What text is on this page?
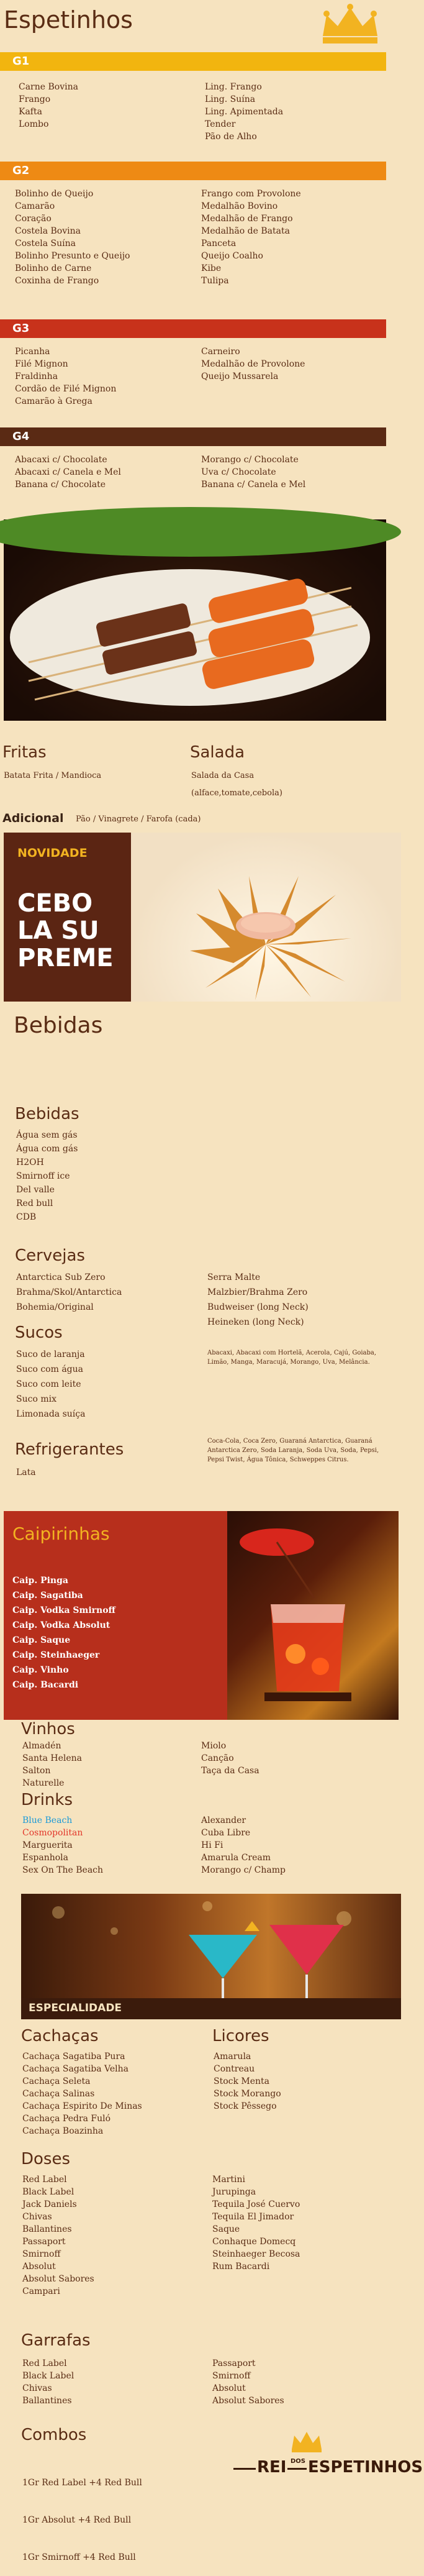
Espetinhos
G1
Carne Bovina
Frango
Kafta
Lombo
Ling. Frango
Ling. Suína
Ling. Apimentada
Tender
Pão de Alho
G2
Bolinho de Queijo
Camarão
Coração
Costela Bovina
Costela Suína
Bolinho Presunto e Queijo
Bolinho de Carne
Coxinha de Frango
Frango com Provolone
Medalhão Bovino
Medalhão de Frango
Medalhão de Batata
Panceta
Queijo Coalho
Kibe
Tulipa
G3
Picanha
Filé Mignon
Fraldinha
Cordão de Filé Mignon
Camarão à Grega
Carneiro
Medalhão de Provolone
Queijo Mussarela
G4
Abacaxi c/ Chocolate
Abacaxi c/ Canela e Mel
Banana c/ Chocolate
Morango c/ Chocolate
Uva c/ Chocolate
Banana c/ Canela e Mel
Fritas
Batata Frita / Mandioca
Salada
Salada da Casa
(alface,tomate,cebola)
Adicional Pão / Vinagrete / Farofa (cada)
NOVIDADE
CEBO
LA SU
PREME
Bebidas
Bebidas
Água sem gás
Água com gás
H2OH
Smirnoff ice
Del valle
Red bull
CDB
Cervejas
Antarctica Sub Zero
Brahma/Skol/Antarctica
Bohemia/Original
Serra Malte
Malzbier/Brahma Zero
Budweiser (long Neck)
Heineken (long Neck)
Sucos
Suco de laranja
Suco com água
Suco com leite
Suco mix
Limonada suíça
Abacaxi, Abacaxi com Hortelã, Acerola, Cajú, Goiaba, Limão, Manga, Maracujá, Morango, Uva, Melância.
Refrigerantes
Lata
Coca-Cola, Coca Zero, Guaraná Antarctica, Guaraná Antarctica Zero, Soda Laranja, Soda Uva, Soda, Pepsi, Pepsi Twist, Água Tônica, Schweppes Citrus.
Caipirinhas
Caip. Pinga
Caip. Sagatiba
Caip. Vodka Smirnoff
Caip. Vodka Absolut
Caip. Saque
Caip. Steinhaeger
Caip. Vinho
Caip. Bacardi
Vinhos
Almadén
Santa Helena
Salton
Naturelle
Miolo
Canção
Taça da Casa
Drinks
Blue Beach
Cosmopolitan
Marguerita
Espanhola
Sex On The Beach
Alexander
Cuba Libre
Hi Fi
Amarula Cream
Morango c/ Champ
ESPECIALIDADE
Cachaças
Cachaça Sagatiba Pura
Cachaça Sagatiba Velha
Cachaça Seleta
Cachaça Salinas
Cachaça Espirito De Minas
Cachaça Pedra Fuló
Cachaça Boazinha
Licores
Amarula
Contreau
Stock Menta
Stock Morango
Stock Pêssego
Doses
Red Label
Black Label
Jack Daniels
Chivas
Ballantines
Passaport
Smirnoff
Absolut
Absolut Sabores
Campari
Martini
Jurupinga
Tequila José Cuervo
Tequila El Jimador
Saque
Conhaque Domecq
Steinhaeger Becosa
Rum Bacardi
Garrafas
Red Label
Black Label
Chivas
Ballantines
Passaport
Smirnoff
Absolut
Absolut Sabores
Combos

1Gr Red Label +4 Red Bull

1Gr Absolut +4 Red Bull

1Gr Smirnoff +4 Red Bull

REI DOS ESPETINHOS
